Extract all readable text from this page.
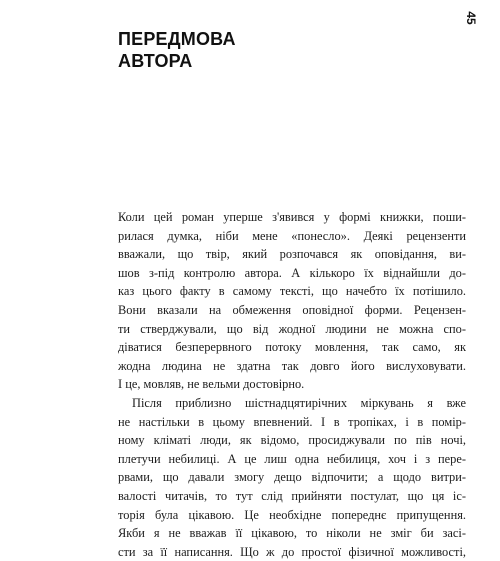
45
ПЕРЕДМОВА
АВТОРА
Коли цей роман уперше з'явився у формі книжки, поши-
рилася думка, ніби мене «понесло». Деякі рецензенти
вважали, що твір, який розпочався як оповідання, ви-
шов з-під контролю автора. А кількоро їх віднайшли до-
каз цього факту в самому тексті, що начебто їх потішило.
Вони вказали на обмеження оповідної форми. Рецензен-
ти стверджували, що від жодної людини не можна спо-
діватися безперервного потоку мовлення, так само, як
жодна людина не здатна так довго його вислуховувати.
І це, мовляв, не вельми достовірно.
Після приблизно шістнадцятирічних міркувань я вже
не настільки в цьому впевнений. І в тропіках, і в помір-
ному кліматі люди, як відомо, просиджували по пів ночі,
плетучи небилиці. А це лиш одна небилиця, хоч і з пере-
рвами, що давали змогу дещо відпочити; а щодо витри-
валості читачів, то тут слід прийняти постулат, що ця іс-
торія була цікавою. Це необхідне попереднє припущення.
Якби я не вважав її цікавою, то ніколи не зміг би засі-
сти за її написання. Що ж до простої фізичної можливості,
